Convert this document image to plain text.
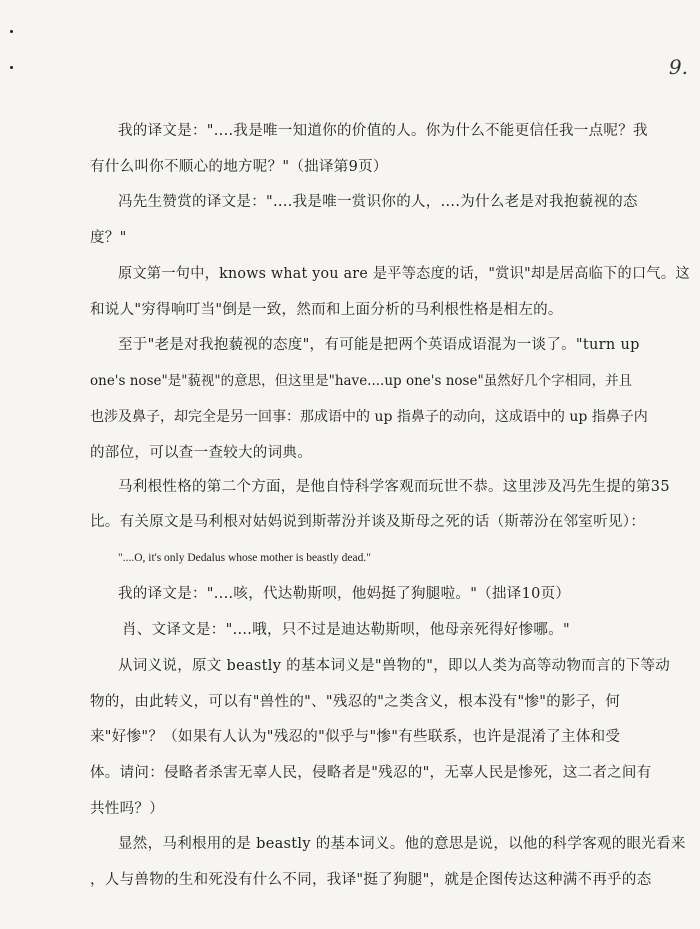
9.
我的译文是："....我是唯一知道你的价值的人。你为什么不能更信任我一点呢？我
有什么叫你不顺心的地方呢？"（拙译第9页）
冯先生赞赏的译文是："....我是唯一赏识你的人，....为什么老是对我抱藐视的态
度？"
原文第一句中，knows what you are 是平等态度的话，"赏识"却是居高临下的口气。这
和说人"穷得响叮当"倒是一致，然而和上面分析的马利根性格是相左的。
至于"老是对我抱藐视的态度"，有可能是把两个英语成语混为一谈了。"turn up
one's nose"是"藐视"的意思，但这里是"have....up one's nose"虽然好几个字相同，并且
也涉及鼻子，却完全是另一回事：那成语中的 up 指鼻子的动向，这成语中的 up 指鼻子内
的部位，可以查一查较大的词典。
马利根性格的第二个方面，是他自恃科学客观而玩世不恭。这里涉及冯先生提的第35
比。有关原文是马利根对姑妈说到斯蒂汾并谈及斯母之死的话（斯蒂汾在邻室听见）：
"....O, it's only Dedalus whose mother is beastly dead."
我的译文是："....咳，代达勒斯呗，他妈挺了狗腿啦。"（拙译10页）
肖、文译文是："....哦，只不过是迪达勒斯呗，他母亲死得好惨哪。"
从词义说，原文 beastly 的基本词义是"兽物的"，即以人类为高等动物而言的下等动
物的，由此转义，可以有"兽性的"、"残忍的"之类含义，根本没有"惨"的影子，何
来"好惨"？（如果有人认为"残忍的"似乎与"惨"有些联系，也许是混淆了主体和受
体。请问：侵略者杀害无辜人民，侵略者是"残忍的"，无辜人民是惨死，这二者之间有
共性吗？）
显然，马利根用的是 beastly 的基本词义。他的意思是说，以他的科学客观的眼光看来
，人与兽物的生和死没有什么不同，我译"挺了狗腿"，就是企图传达这种满不再乎的态
